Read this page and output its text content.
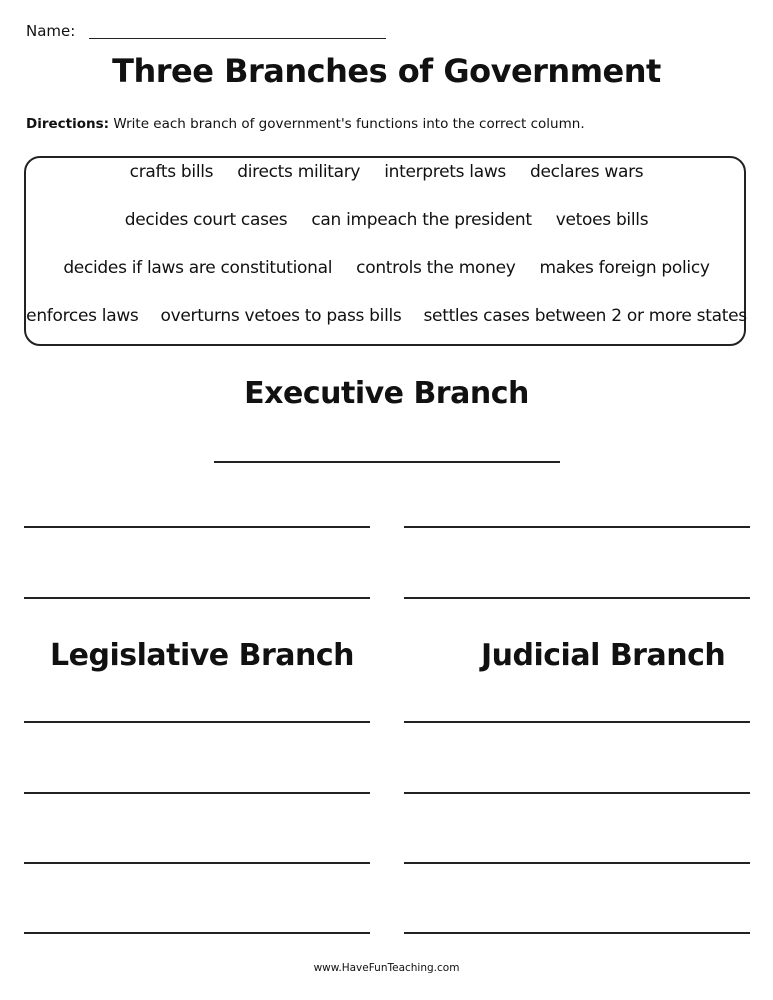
Name:
Three Branches of Government
Directions: Write each branch of government's functions into the correct column.
crafts bills directs military interprets laws declares wars
decides court cases can impeach the president vetoes bills
decides if laws are constitutional controls the money makes foreign policy
enforces laws overturns vetoes to pass bills settles cases between 2 or more states
Executive Branch
Legislative Branch	Judicial Branch
www.HaveFunTeaching.com
